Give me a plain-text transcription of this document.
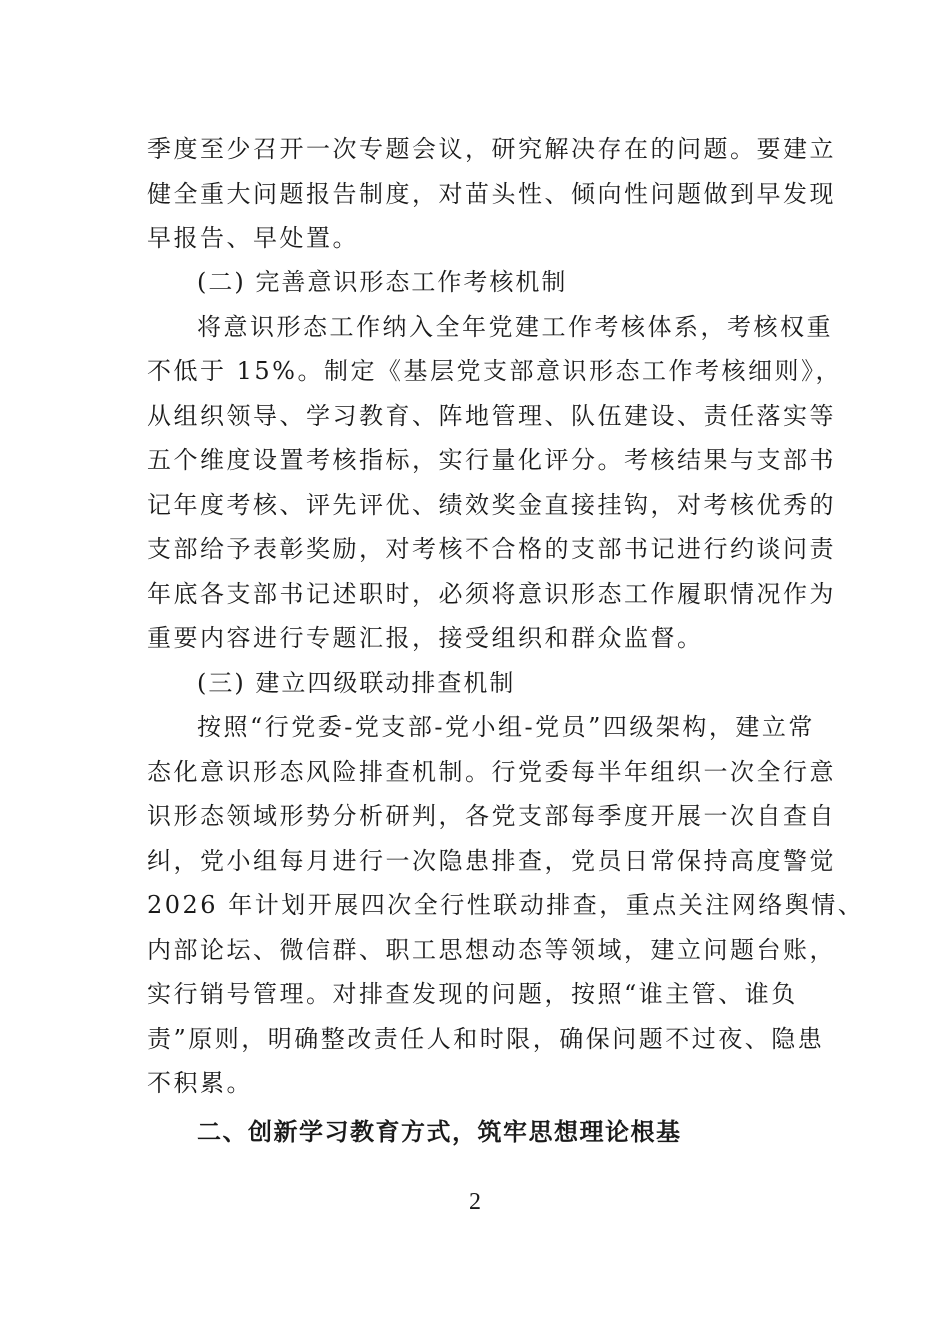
季度至少召开一次专题会议，研究解决存在的问题。要建立
健全重大问题报告制度，对苗头性、倾向性问题做到早发现
早报告、早处置。
(二) 完善意识形态工作考核机制
将意识形态工作纳入全年党建工作考核体系，考核权重
不低于 15%。制定《基层党支部意识形态工作考核细则》，
从组织领导、学习教育、阵地管理、队伍建设、责任落实等
五个维度设置考核指标，实行量化评分。考核结果与支部书
记年度考核、评先评优、绩效奖金直接挂钩，对考核优秀的
支部给予表彰奖励，对考核不合格的支部书记进行约谈问责
年底各支部书记述职时，必须将意识形态工作履职情况作为
重要内容进行专题汇报，接受组织和群众监督。
(三) 建立四级联动排查机制
按照“行党委-党支部-党小组-党员”四级架构，建立常
态化意识形态风险排查机制。行党委每半年组织一次全行意
识形态领域形势分析研判，各党支部每季度开展一次自查自
纠，党小组每月进行一次隐患排查，党员日常保持高度警觉
2026 年计划开展四次全行性联动排查，重点关注网络舆情、
内部论坛、微信群、职工思想动态等领域，建立问题台账，
实行销号管理。对排查发现的问题，按照“谁主管、谁负
责”原则，明确整改责任人和时限，确保问题不过夜、隐患
不积累。
二、创新学习教育方式，筑牢思想理论根基
2
